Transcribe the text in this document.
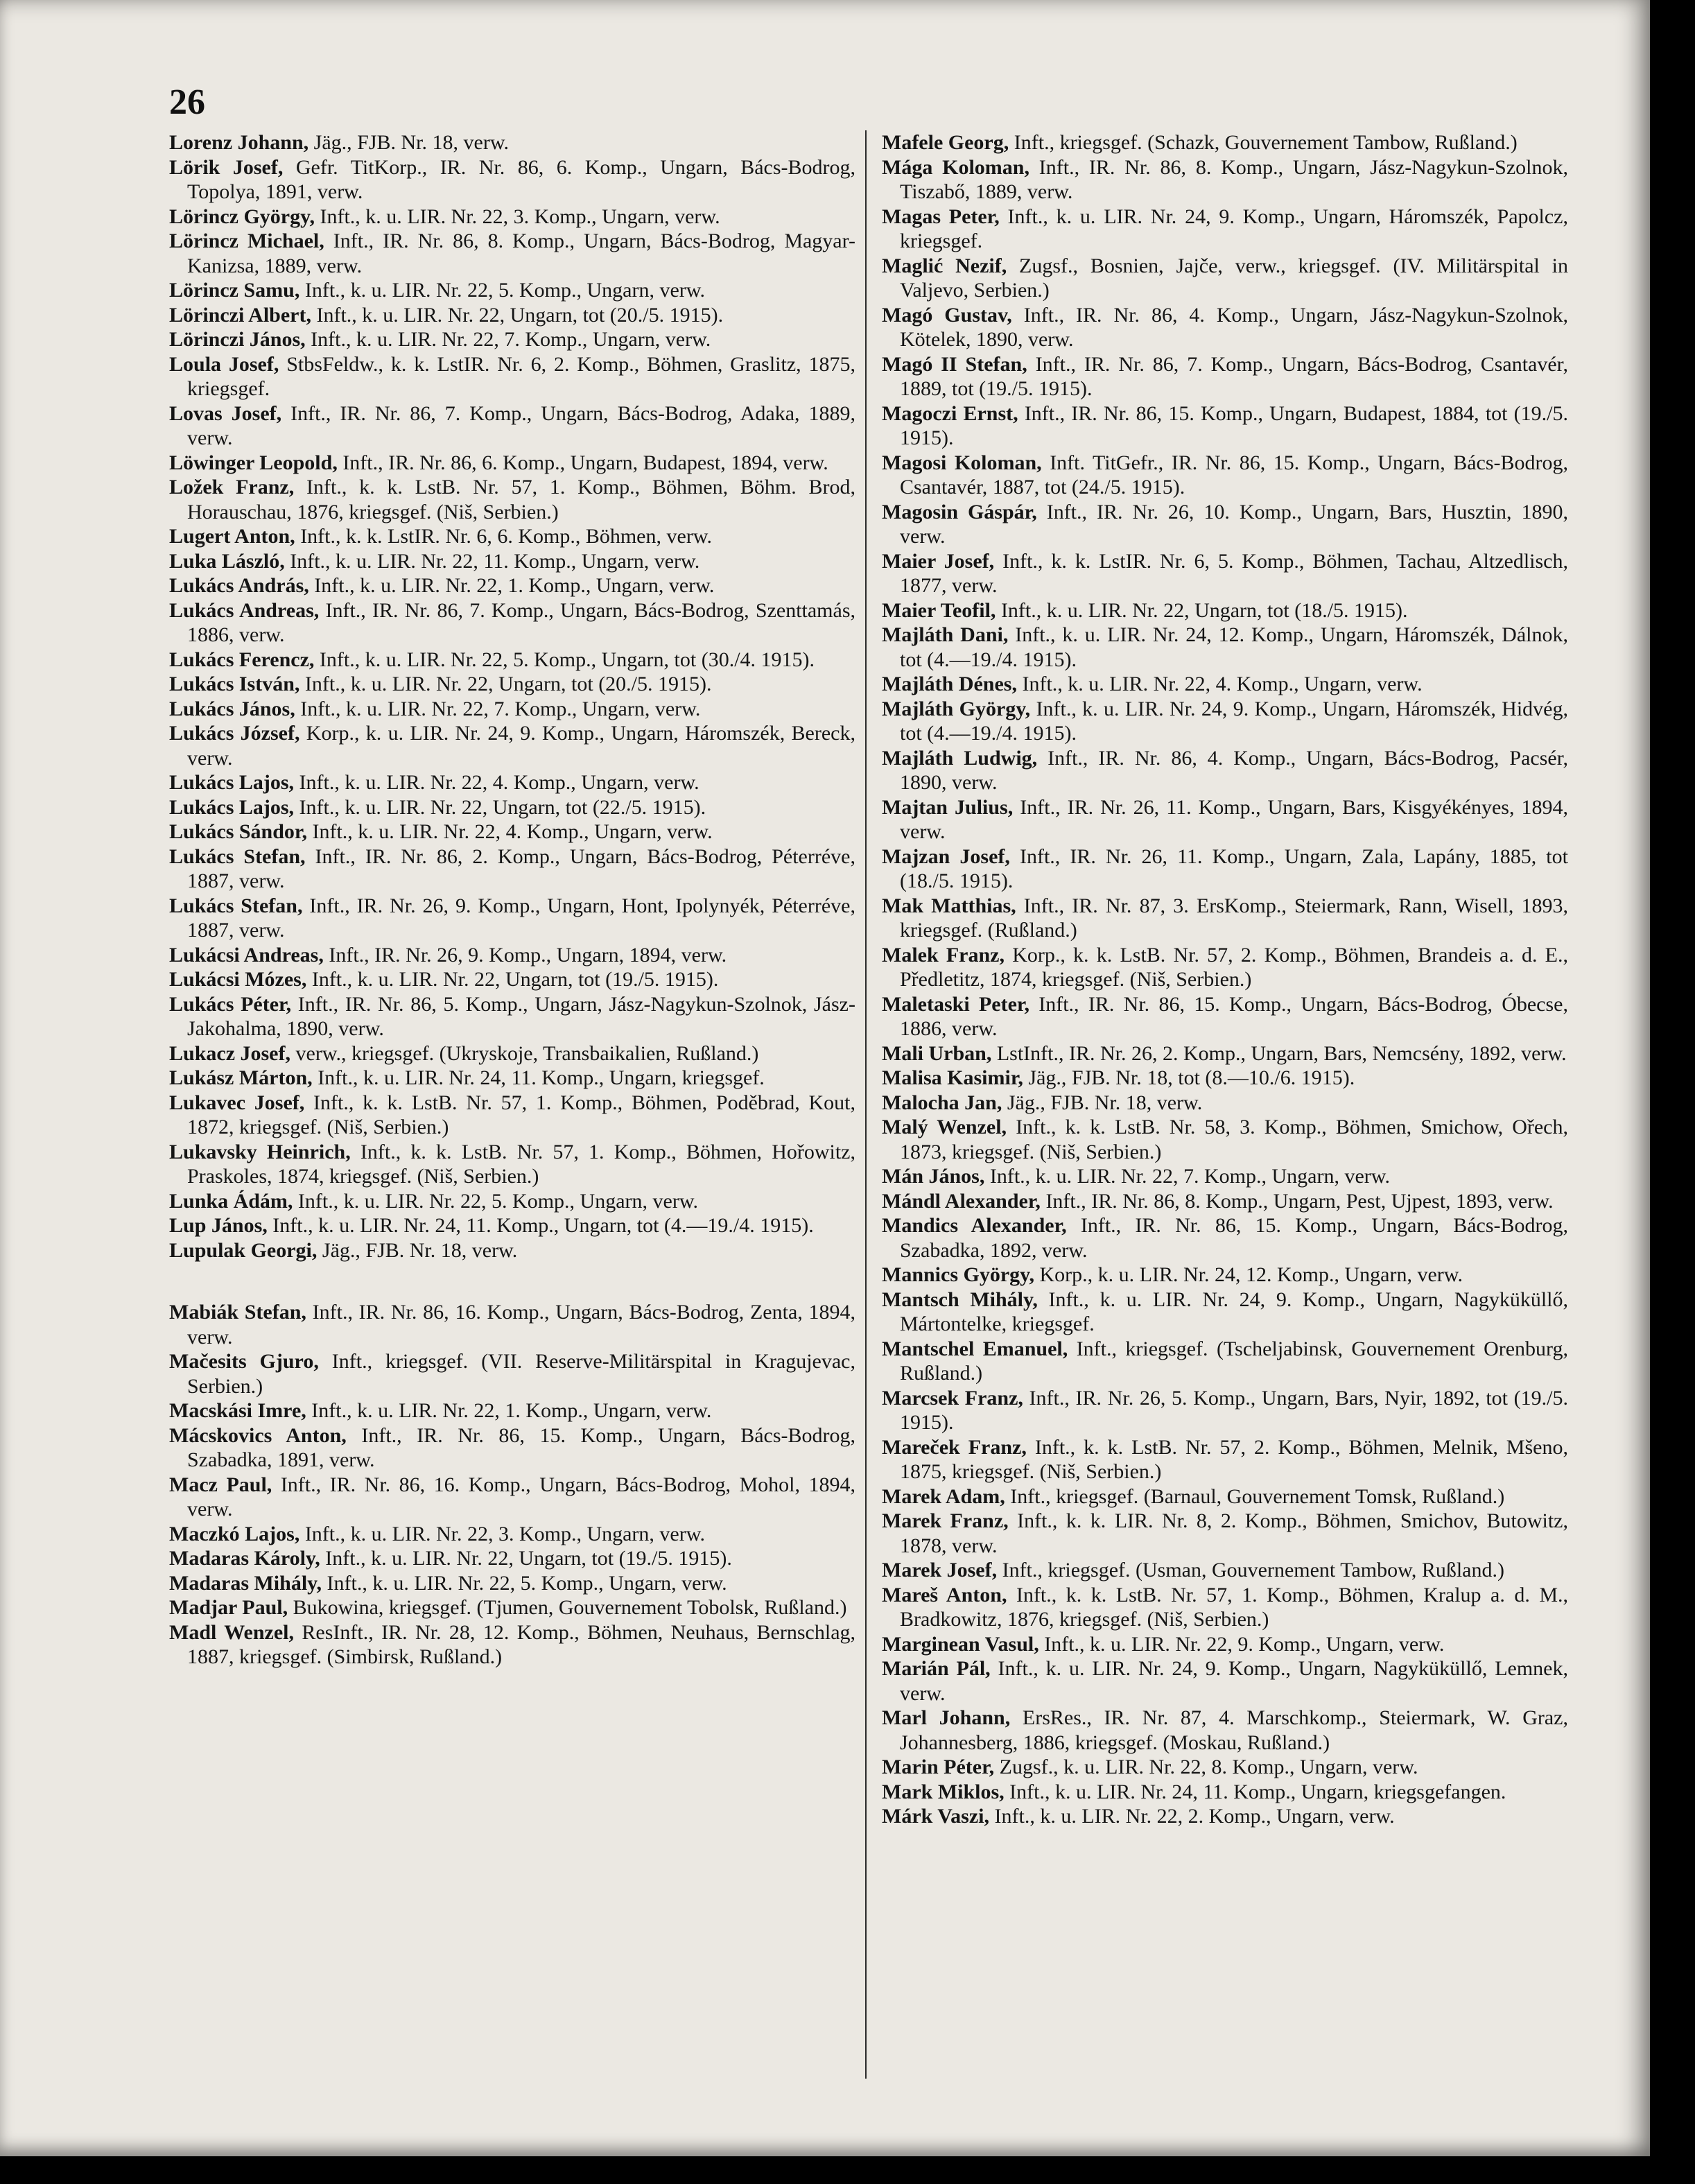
26

Lorenz Johann, Jäg., FJB. Nr. 18, verw.

Lörik Josef, Gefr. TitKorp., IR. Nr. 86, 6. Komp., Ungarn, Bács-Bodrog, Topolya, 1891, verw.

Lörincz György, Inft., k. u. LIR. Nr. 22, 3. Komp., Ungarn, verw.

Lörincz Michael, Inft., IR. Nr. 86, 8. Komp., Ungarn, Bács-Bodrog, Magyar-Kanizsa, 1889, verw.

Lörincz Samu, Inft., k. u. LIR. Nr. 22, 5. Komp., Ungarn, verw.

Lörinczi Albert, Inft., k. u. LIR. Nr. 22, Ungarn, tot (20./5. 1915).

Lörinczi János, Inft., k. u. LIR. Nr. 22, 7. Komp., Ungarn, verw.

Loula Josef, StbsFeldw., k. k. LstIR. Nr. 6, 2. Komp., Böhmen, Graslitz, 1875, kriegsgef.

Lovas Josef, Inft., IR. Nr. 86, 7. Komp., Ungarn, Bács-Bodrog, Adaka, 1889, verw.

Löwinger Leopold, Inft., IR. Nr. 86, 6. Komp., Ungarn, Budapest, 1894, verw.

Ložek Franz, Inft., k. k. LstB. Nr. 57, 1. Komp., Böhmen, Böhm. Brod, Horauschau, 1876, kriegsgef. (Niš, Serbien.)

Lugert Anton, Inft., k. k. LstIR. Nr. 6, 6. Komp., Böhmen, verw.

Luka László, Inft., k. u. LIR. Nr. 22, 11. Komp., Ungarn, verw.

Lukács András, Inft., k. u. LIR. Nr. 22, 1. Komp., Ungarn, verw.

Lukács Andreas, Inft., IR. Nr. 86, 7. Komp., Ungarn, Bács-Bodrog, Szenttamás, 1886, verw.

Lukács Ferencz, Inft., k. u. LIR. Nr. 22, 5. Komp., Ungarn, tot (30./4. 1915).

Lukács István, Inft., k. u. LIR. Nr. 22, Ungarn, tot (20./5. 1915).

Lukács János, Inft., k. u. LIR. Nr. 22, 7. Komp., Ungarn, verw.

Lukács József, Korp., k. u. LIR. Nr. 24, 9. Komp., Ungarn, Háromszék, Bereck, verw.

Lukács Lajos, Inft., k. u. LIR. Nr. 22, 4. Komp., Ungarn, verw.

Lukács Lajos, Inft., k. u. LIR. Nr. 22, Ungarn, tot (22./5. 1915).

Lukács Sándor, Inft., k. u. LIR. Nr. 22, 4. Komp., Ungarn, verw.

Lukács Stefan, Inft., IR. Nr. 86, 2. Komp., Ungarn, Bács-Bodrog, Péterréve, 1887, verw.

Lukács Stefan, Inft., IR. Nr. 26, 9. Komp., Ungarn, Hont, Ipolynyék, Péterréve, 1887, verw.

Lukácsi Andreas, Inft., IR. Nr. 26, 9. Komp., Ungarn, 1894, verw.

Lukácsi Mózes, Inft., k. u. LIR. Nr. 22, Ungarn, tot (19./5. 1915).

Lukács Péter, Inft., IR. Nr. 86, 5. Komp., Ungarn, Jász-Nagykun-Szolnok, Jász-Jakohalma, 1890, verw.

Lukacz Josef, verw., kriegsgef. (Ukryskoje, Transbaikalien, Rußland.)

Lukász Márton, Inft., k. u. LIR. Nr. 24, 11. Komp., Ungarn, kriegsgef.

Lukavec Josef, Inft., k. k. LstB. Nr. 57, 1. Komp., Böhmen, Poděbrad, Kout, 1872, kriegsgef. (Niš, Serbien.)

Lukavsky Heinrich, Inft., k. k. LstB. Nr. 57, 1. Komp., Böhmen, Hořowitz, Praskoles, 1874, kriegsgef. (Niš, Serbien.)

Lunka Ádám, Inft., k. u. LIR. Nr. 22, 5. Komp., Ungarn, verw.

Lup János, Inft., k. u. LIR. Nr. 24, 11. Komp., Ungarn, tot (4.—19./4. 1915).

Lupulak Georgi, Jäg., FJB. Nr. 18, verw.

Mabiák Stefan, Inft., IR. Nr. 86, 16. Komp., Ungarn, Bács-Bodrog, Zenta, 1894, verw.

Mačesits Gjuro, Inft., kriegsgef. (VII. Reserve-Militärspital in Kragujevac, Serbien.)

Macskási Imre, Inft., k. u. LIR. Nr. 22, 1. Komp., Ungarn, verw.

Mácskovics Anton, Inft., IR. Nr. 86, 15. Komp., Ungarn, Bács-Bodrog, Szabadka, 1891, verw.

Macz Paul, Inft., IR. Nr. 86, 16. Komp., Ungarn, Bács-Bodrog, Mohol, 1894, verw.

Maczkó Lajos, Inft., k. u. LIR. Nr. 22, 3. Komp., Ungarn, verw.

Madaras Károly, Inft., k. u. LIR. Nr. 22, Ungarn, tot (19./5. 1915).

Madaras Mihály, Inft., k. u. LIR. Nr. 22, 5. Komp., Ungarn, verw.

Madjar Paul, Bukowina, kriegsgef. (Tjumen, Gouvernement Tobolsk, Rußland.)

Madl Wenzel, ResInft., IR. Nr. 28, 12. Komp., Böhmen, Neuhaus, Bernschlag, 1887, kriegsgef. (Simbirsk, Rußland.)

Mafele Georg, Inft., kriegsgef. (Schazk, Gouvernement Tambow, Rußland.)

Mága Koloman, Inft., IR. Nr. 86, 8. Komp., Ungarn, Jász-Nagykun-Szolnok, Tiszabő, 1889, verw.

Magas Peter, Inft., k. u. LIR. Nr. 24, 9. Komp., Ungarn, Háromszék, Papolcz, kriegsgef.

Maglić Nezif, Zugsf., Bosnien, Jajče, verw., kriegsgef. (IV. Militärspital in Valjevo, Serbien.)

Magó Gustav, Inft., IR. Nr. 86, 4. Komp., Ungarn, Jász-Nagykun-Szolnok, Kötelek, 1890, verw.

Magó II Stefan, Inft., IR. Nr. 86, 7. Komp., Ungarn, Bács-Bodrog, Csantavér, 1889, tot (19./5. 1915).

Magoczi Ernst, Inft., IR. Nr. 86, 15. Komp., Ungarn, Budapest, 1884, tot (19./5. 1915).

Magosi Koloman, Inft. TitGefr., IR. Nr. 86, 15. Komp., Ungarn, Bács-Bodrog, Csantavér, 1887, tot (24./5. 1915).

Magosin Gáspár, Inft., IR. Nr. 26, 10. Komp., Ungarn, Bars, Husztin, 1890, verw.

Maier Josef, Inft., k. k. LstIR. Nr. 6, 5. Komp., Böhmen, Tachau, Altzedlisch, 1877, verw.

Maier Teofil, Inft., k. u. LIR. Nr. 22, Ungarn, tot (18./5. 1915).

Majláth Dani, Inft., k. u. LIR. Nr. 24, 12. Komp., Ungarn, Háromszék, Dálnok, tot (4.—19./4. 1915).

Majláth Dénes, Inft., k. u. LIR. Nr. 22, 4. Komp., Ungarn, verw.

Majláth György, Inft., k. u. LIR. Nr. 24, 9. Komp., Ungarn, Háromszék, Hidvég, tot (4.—19./4. 1915).

Majláth Ludwig, Inft., IR. Nr. 86, 4. Komp., Ungarn, Bács-Bodrog, Pacsér, 1890, verw.

Majtan Julius, Inft., IR. Nr. 26, 11. Komp., Ungarn, Bars, Kisgyékényes, 1894, verw.

Majzan Josef, Inft., IR. Nr. 26, 11. Komp., Ungarn, Zala, Lapány, 1885, tot (18./5. 1915).

Mak Matthias, Inft., IR. Nr. 87, 3. ErsKomp., Steiermark, Rann, Wisell, 1893, kriegsgef. (Rußland.)

Malek Franz, Korp., k. k. LstB. Nr. 57, 2. Komp., Böhmen, Brandeis a. d. E., Předletitz, 1874, kriegsgef. (Niš, Serbien.)

Maletaski Peter, Inft., IR. Nr. 86, 15. Komp., Ungarn, Bács-Bodrog, Óbecse, 1886, verw.

Mali Urban, LstInft., IR. Nr. 26, 2. Komp., Ungarn, Bars, Nemcsény, 1892, verw.

Malisa Kasimir, Jäg., FJB. Nr. 18, tot (8.—10./6. 1915).

Malocha Jan, Jäg., FJB. Nr. 18, verw.

Malý Wenzel, Inft., k. k. LstB. Nr. 58, 3. Komp., Böhmen, Smichow, Ořech, 1873, kriegsgef. (Niš, Serbien.)

Mán János, Inft., k. u. LIR. Nr. 22, 7. Komp., Ungarn, verw.

Mándl Alexander, Inft., IR. Nr. 86, 8. Komp., Ungarn, Pest, Ujpest, 1893, verw.

Mandics Alexander, Inft., IR. Nr. 86, 15. Komp., Ungarn, Bács-Bodrog, Szabadka, 1892, verw.

Mannics György, Korp., k. u. LIR. Nr. 24, 12. Komp., Ungarn, verw.

Mantsch Mihály, Inft., k. u. LIR. Nr. 24, 9. Komp., Ungarn, Nagyküküllő, Mártontelke, kriegsgef.

Mantschel Emanuel, Inft., kriegsgef. (Tscheljabinsk, Gouvernement Orenburg, Rußland.)

Marcsek Franz, Inft., IR. Nr. 26, 5. Komp., Ungarn, Bars, Nyir, 1892, tot (19./5. 1915).

Mareček Franz, Inft., k. k. LstB. Nr. 57, 2. Komp., Böhmen, Melnik, Mšeno, 1875, kriegsgef. (Niš, Serbien.)

Marek Adam, Inft., kriegsgef. (Barnaul, Gouvernement Tomsk, Rußland.)

Marek Franz, Inft., k. k. LIR. Nr. 8, 2. Komp., Böhmen, Smichov, Butowitz, 1878, verw.

Marek Josef, Inft., kriegsgef. (Usman, Gouvernement Tambow, Rußland.)

Mareš Anton, Inft., k. k. LstB. Nr. 57, 1. Komp., Böhmen, Kralup a. d. M., Bradkowitz, 1876, kriegsgef. (Niš, Serbien.)

Marginean Vasul, Inft., k. u. LIR. Nr. 22, 9. Komp., Ungarn, verw.

Marián Pál, Inft., k. u. LIR. Nr. 24, 9. Komp., Ungarn, Nagyküküllő, Lemnek, verw.

Marl Johann, ErsRes., IR. Nr. 87, 4. Marschkomp., Steiermark, W. Graz, Johannesberg, 1886, kriegsgef. (Moskau, Rußland.)

Marin Péter, Zugsf., k. u. LIR. Nr. 22, 8. Komp., Ungarn, verw.

Mark Miklos, Inft., k. u. LIR. Nr. 24, 11. Komp., Ungarn, kriegsgefangen.

Márk Vaszi, Inft., k. u. LIR. Nr. 22, 2. Komp., Ungarn, verw.
